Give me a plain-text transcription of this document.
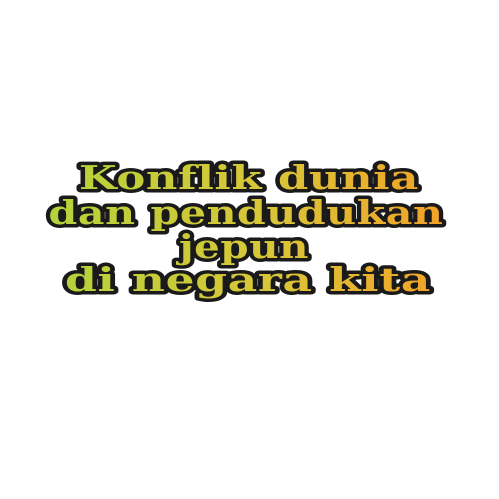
Konflik dunia
dan pendudukan
jepun
di negara kita
